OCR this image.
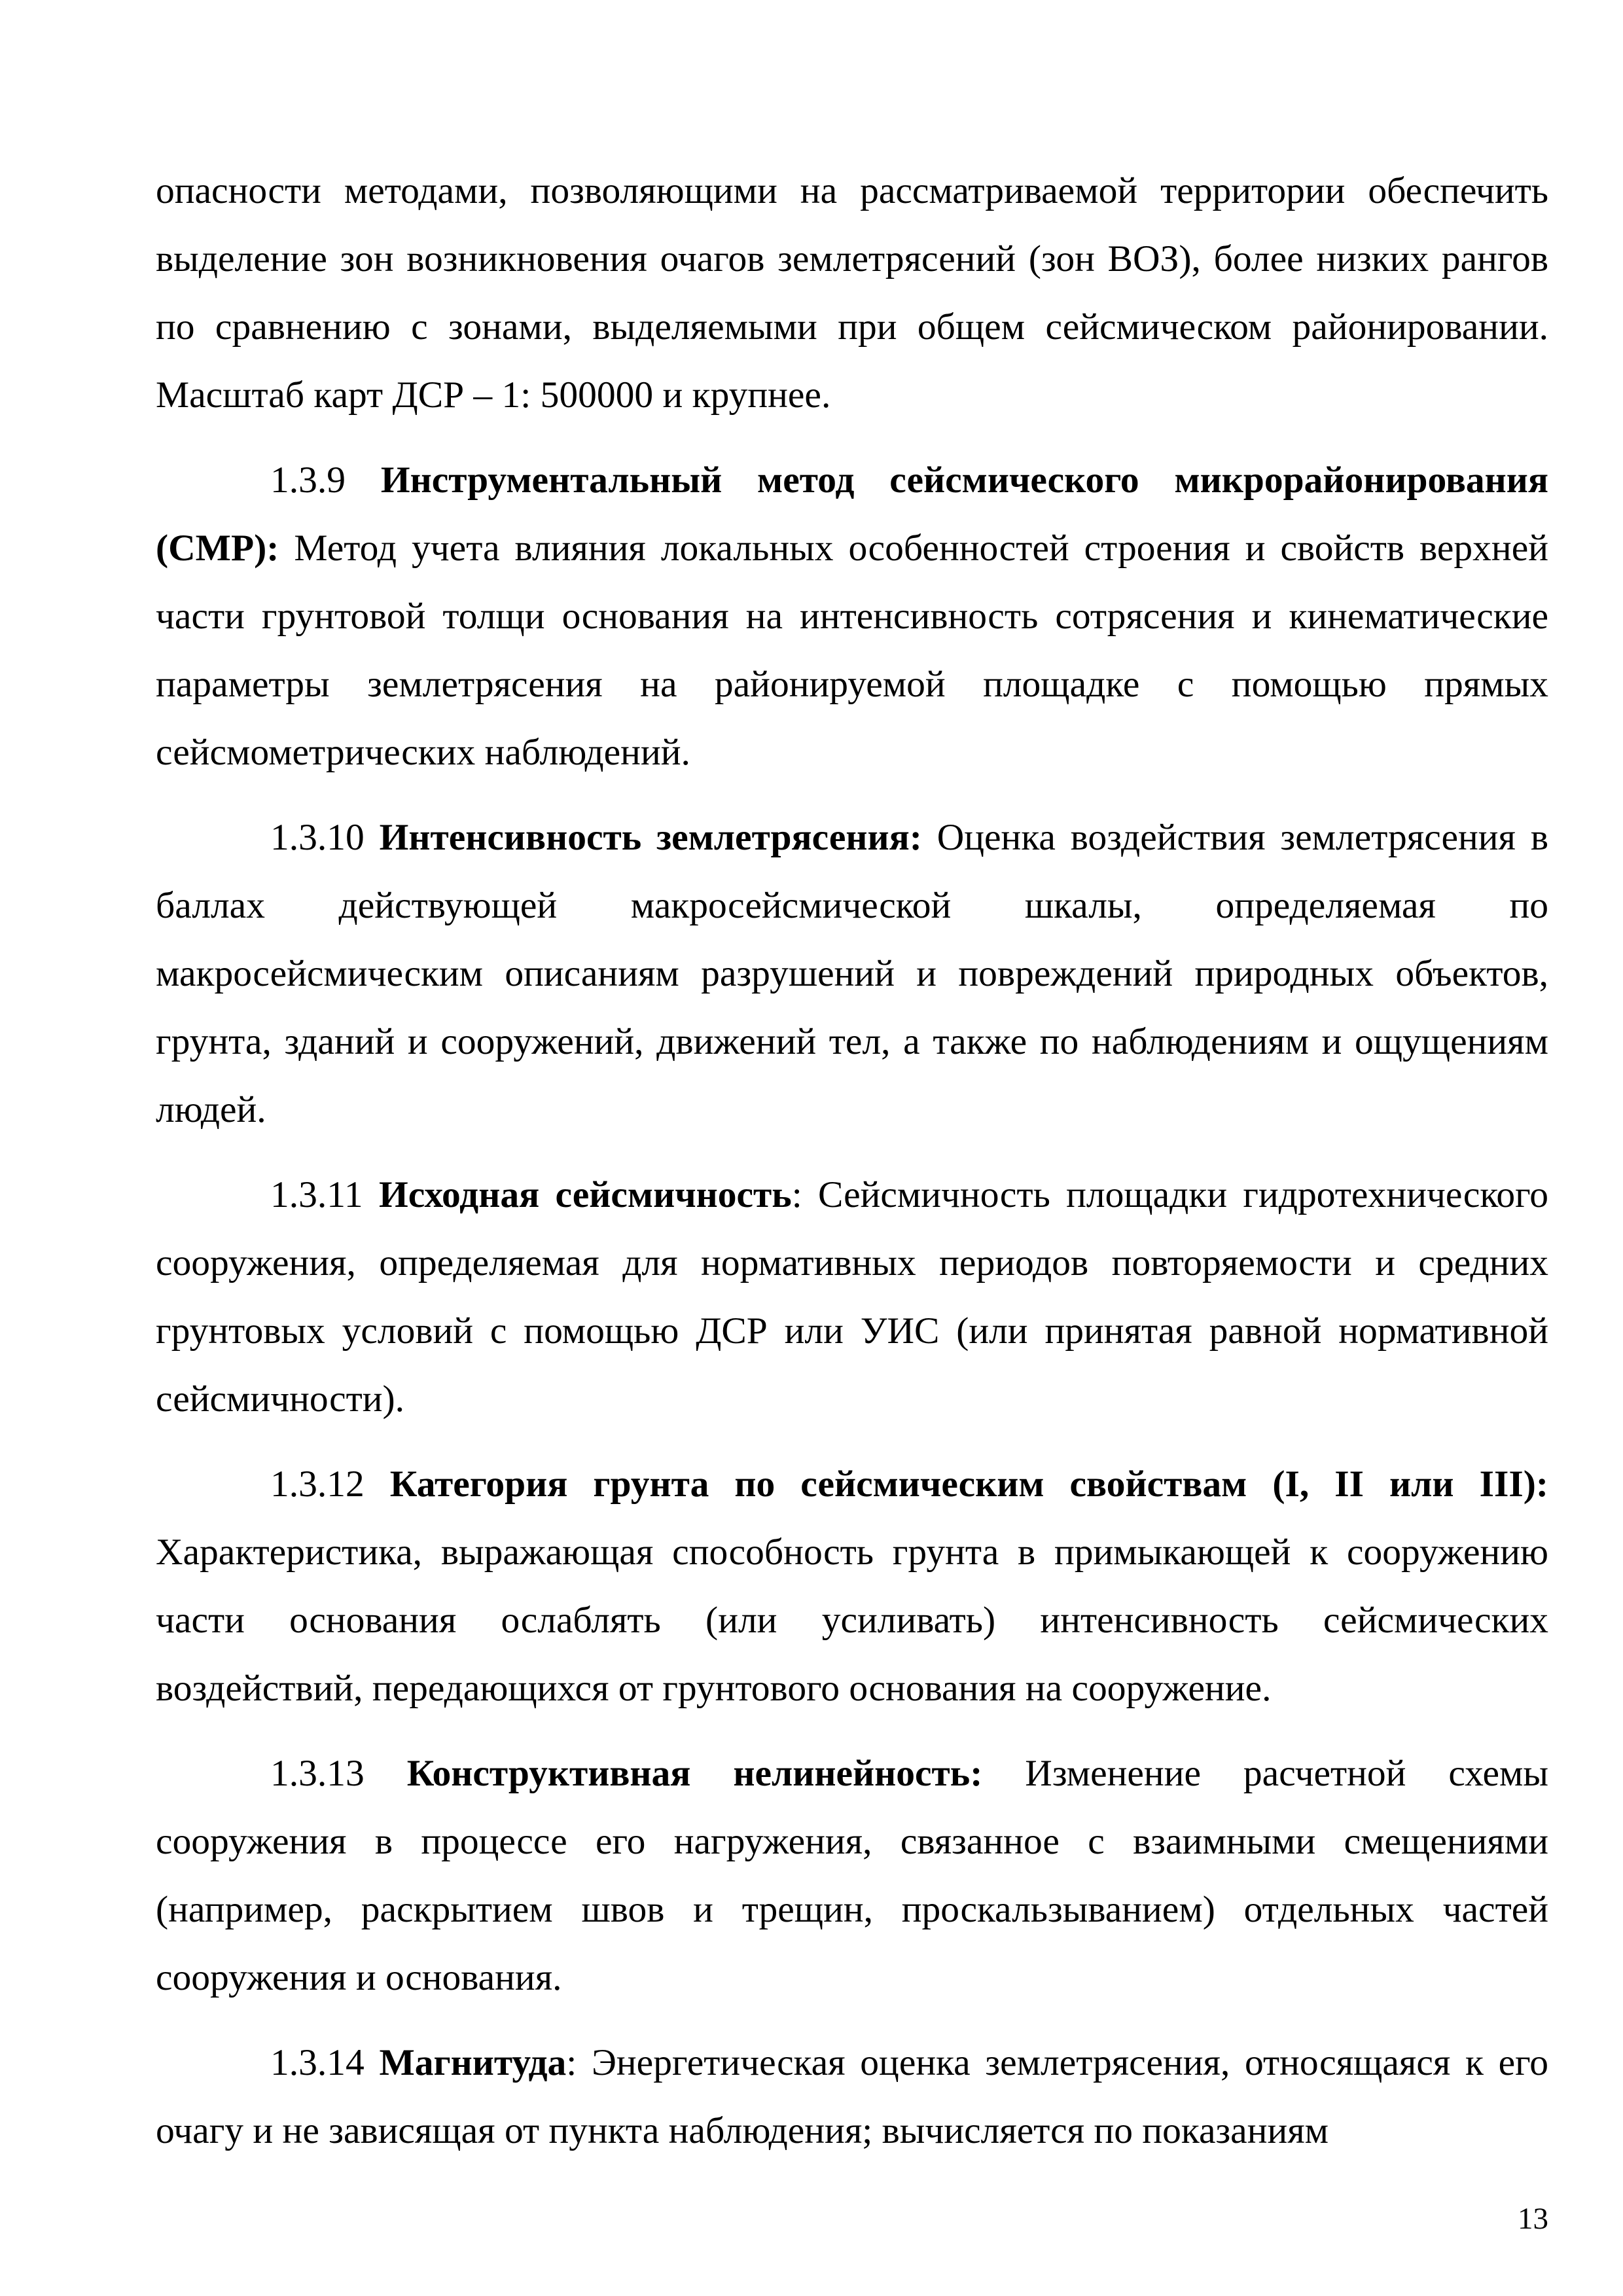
опасности методами, позволяющими на рассматриваемой территории обеспечить выделение зон возникновения очагов землетрясений (зон ВОЗ), более низких рангов по сравнению с зонами, выделяемыми при общем сейсмическом районировании. Масштаб карт ДСР – 1: 500000 и крупнее.

1.3.9 Инструментальный метод сейсмического микрорайонирования (СМР): Метод учета влияния локальных особенностей строения и свойств верхней части грунтовой толщи основания на интенсивность сотрясения и кинематические параметры землетрясения на районируемой площадке с помощью прямых сейсмометрических наблюдений.

1.3.10 Интенсивность землетрясения: Оценка воздействия землетрясения в баллах действующей макросейсмической шкалы, определяемая по макросейсмическим описаниям разрушений и повреждений природных объектов, грунта, зданий и сооружений, движений тел, а также по наблюдениям и ощущениям людей.

1.3.11 Исходная сейсмичность: Сейсмичность площадки гидротехнического сооружения, определяемая для нормативных периодов повторяемости и средних грунтовых условий с помощью ДСР или УИС (или принятая равной нормативной сейсмичности).

1.3.12 Категория грунта по сейсмическим свойствам (I, II или III): Характеристика, выражающая способность грунта в примыкающей к сооружению части основания ослаблять (или усиливать) интенсивность сейсмических воздействий, передающихся от грунтового основания на сооружение.

1.3.13 Конструктивная нелинейность: Изменение расчетной схемы сооружения в процессе его нагружения, связанное с взаимными смещениями (например, раскрытием швов и трещин, проскальзыванием) отдельных частей сооружения и основания.

1.3.14 Магнитуда: Энергетическая оценка землетрясения, относящаяся к его очагу и не зависящая от пункта наблюдения; вычисляется по показаниям

13
